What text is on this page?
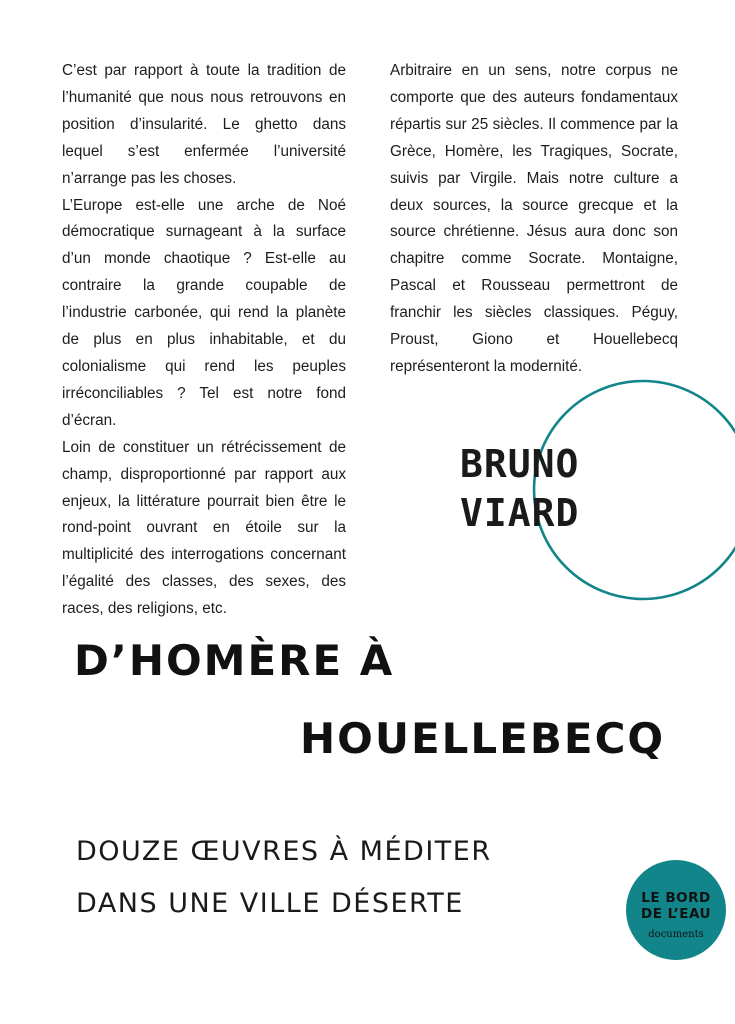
C’est par rapport à toute la tradition de l’humanité que nous nous retrouvons en position d’insularité. Le ghetto dans lequel s’est enfermée l’université n’arrange pas les choses.

L’Europe est-elle une arche de Noé démocratique surnageant à la surface d’un monde chaotique ? Est-elle au contraire la grande coupable de l’industrie carbonée, qui rend la planète de plus en plus inhabitable, et du colonialisme qui rend les peuples irréconciliables ? Tel est notre fond d’écran.

Loin de constituer un rétrécissement de champ, disproportionné par rapport aux enjeux, la littérature pourrait bien être le rond-point ouvrant en étoile sur la multiplicité des interrogations concernant l’égalité des classes, des sexes, des races, des religions, etc.

Arbitraire en un sens, notre corpus ne comporte que des auteurs fondamentaux répartis sur 25 siècles. Il commence par la Grèce, Homère, les Tragiques, Socrate, suivis par Virgile. Mais notre culture a deux sources, la source grecque et la source chrétienne. Jésus aura donc son chapitre comme Socrate. Montaigne, Pascal et Rousseau permettront de franchir les siècles classiques. Péguy, Proust, Giono et Houellebecq représenteront la modernité.

BRUNO
VIARD
D’HOMÈRE À
HOUELLEBECQ
DOUZE ŒUVRES À MÉDITER
DANS UNE VILLE DÉSERTE	LE BORD
DE L’EAU
documents
